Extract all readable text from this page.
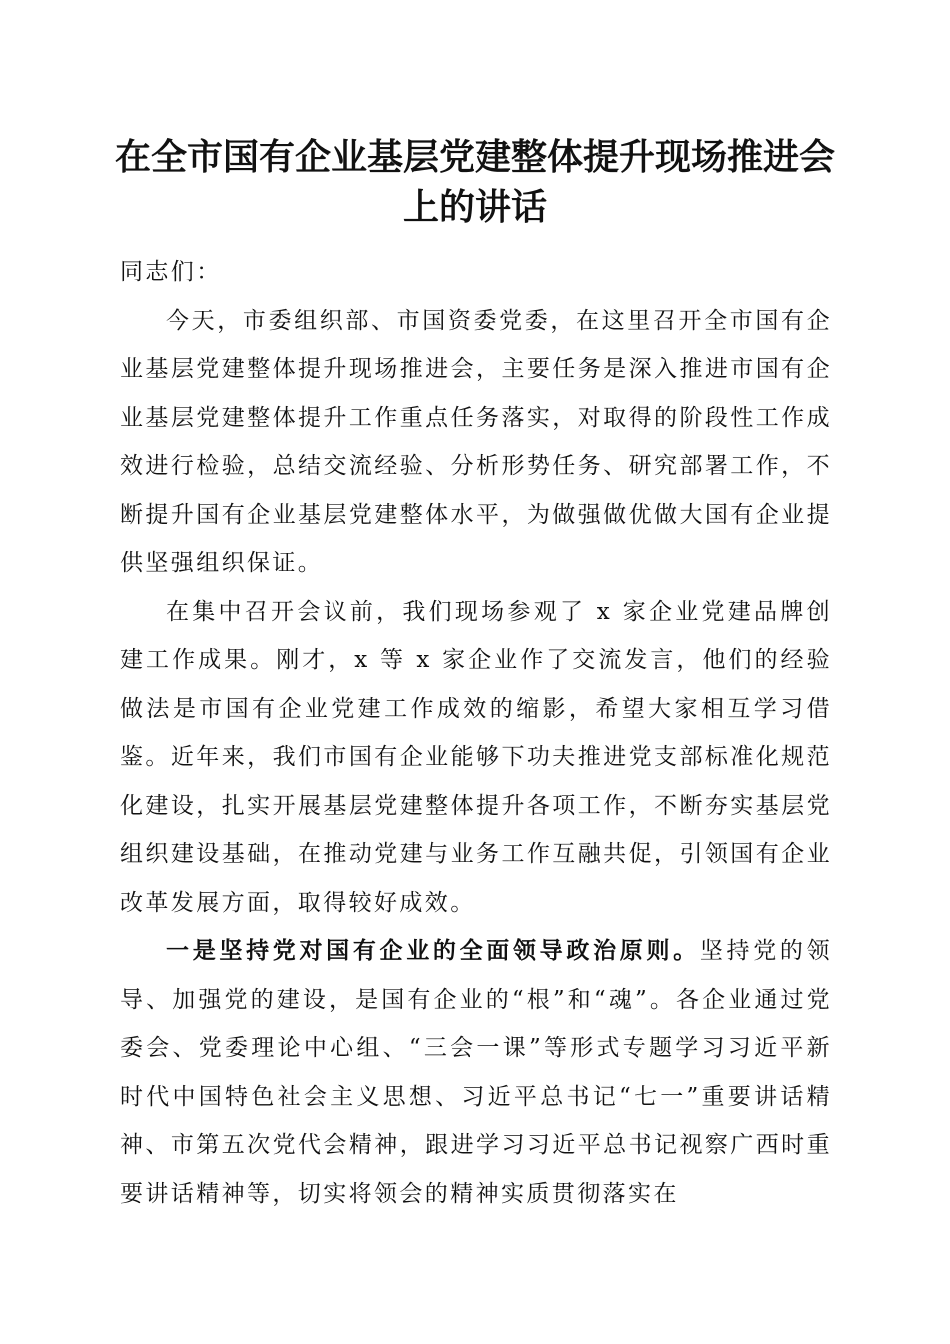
在全市国有企业基层党建整体提升现场推进会
上的讲话

同志们：

今天，市委组织部、市国资委党委，在这里召开全市国有企业基层党建整体提升现场推进会，主要任务是深入推进市国有企业基层党建整体提升工作重点任务落实，对取得的阶段性工作成效进行检验，总结交流经验、分析形势任务、研究部署工作，不断提升国有企业基层党建整体水平，为做强做优做大国有企业提供坚强组织保证。

在集中召开会议前，我们现场参观了 x 家企业党建品牌创建工作成果。刚才，x 等 x 家企业作了交流发言，他们的经验做法是市国有企业党建工作成效的缩影，希望大家相互学习借鉴。近年来，我们市国有企业能够下功夫推进党支部标准化规范化建设，扎实开展基层党建整体提升各项工作，不断夯实基层党组织建设基础，在推动党建与业务工作互融共促，引领国有企业改革发展方面，取得较好成效。

一是坚持党对国有企业的全面领导政治原则。坚持党的领导、加强党的建设，是国有企业的“根”和“魂”。各企业通过党委会、党委理论中心组、“三会一课”等形式专题学习习近平新时代中国特色社会主义思想、习近平总书记“七一”重要讲话精神、市第五次党代会精神，跟进学习习近平总书记视察广西时重要讲话精神等，切实将领会的精神实质贯彻落实在
